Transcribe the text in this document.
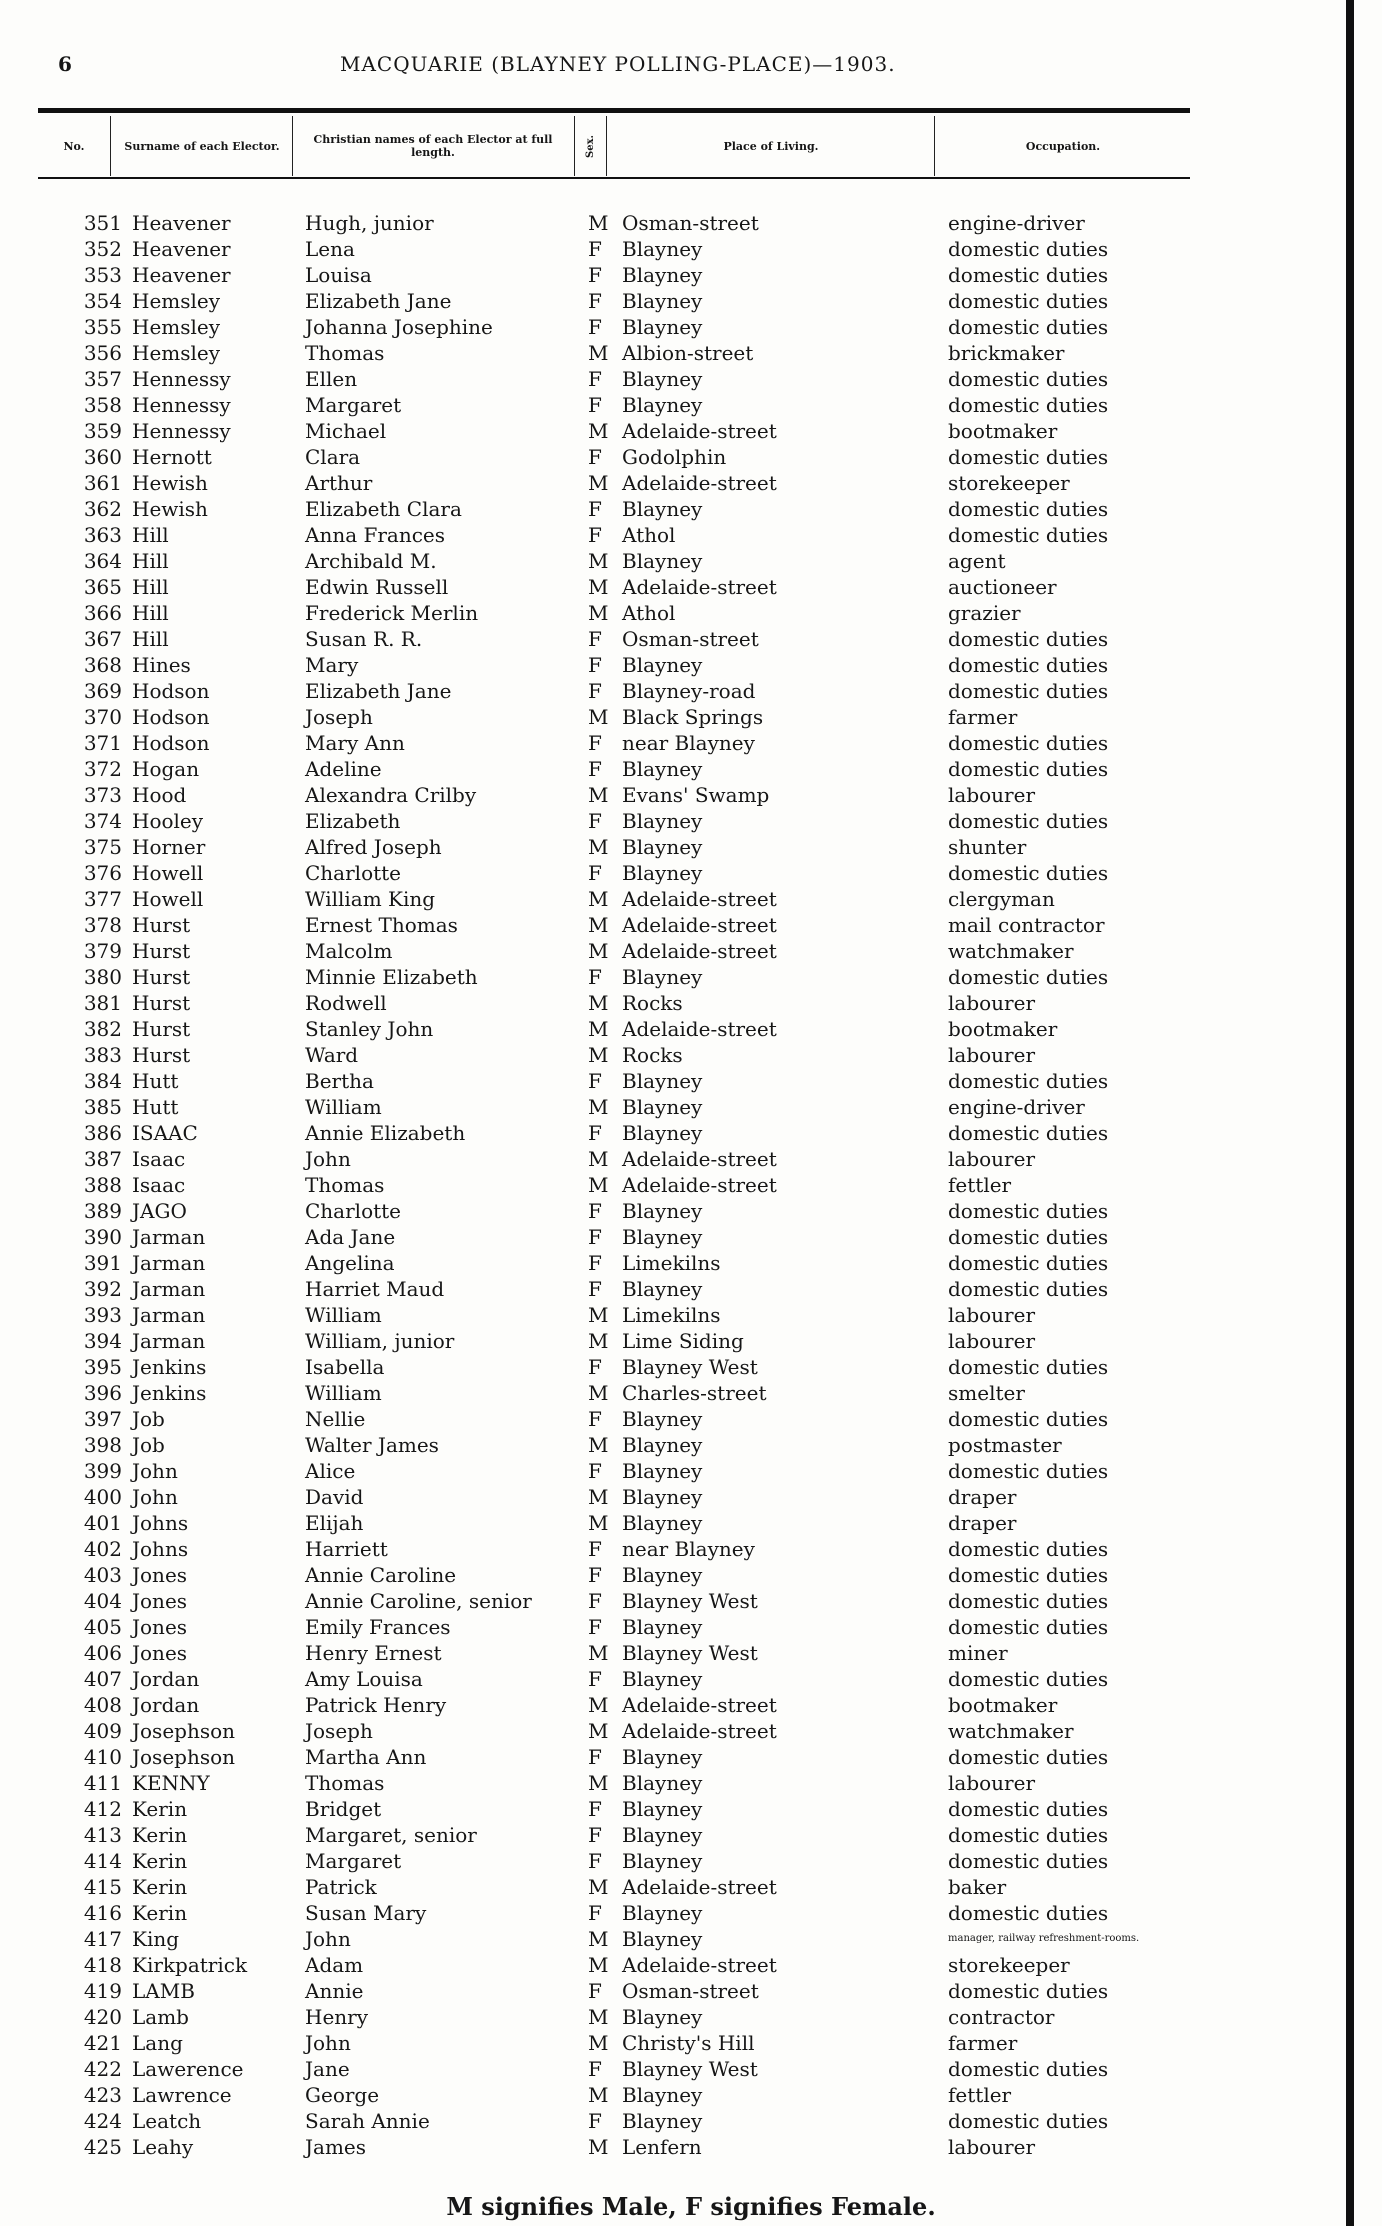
6	MACQUARIE (BLAYNEY POLLING-PLACE)—1903.
No.	Surname of each Elector.	Christian names of each Elector at full length.	Sex.	Place of Living.	Occupation.
351 Heavener	Hugh, junior	M Osman-street	engine-driver
352 Heavener	Lena	F Blayney	domestic duties
353 Heavener	Louisa	F Blayney	domestic duties
354 Hemsley	Elizabeth Jane	F Blayney	domestic duties
355 Hemsley	Johanna Josephine	F Blayney	domestic duties
356 Hemsley	Thomas	M Albion-street	brickmaker
357 Hennessy	Ellen	F Blayney	domestic duties
358 Hennessy	Margaret	F Blayney	domestic duties
359 Hennessy	Michael	M Adelaide-street	bootmaker
360 Hernott	Clara	F Godolphin	domestic duties
361 Hewish	Arthur	M Adelaide-street	storekeeper
362 Hewish	Elizabeth Clara	F Blayney	domestic duties
363 Hill	Anna Frances	F Athol	domestic duties
364 Hill	Archibald M.	M Blayney	agent
365 Hill	Edwin Russell	M Adelaide-street	auctioneer
366 Hill	Frederick Merlin	M Athol	grazier
367 Hill	Susan R. R.	F Osman-street	domestic duties
368 Hines	Mary	F Blayney	domestic duties
369 Hodson	Elizabeth Jane	F Blayney-road	domestic duties
370 Hodson	Joseph	M Black Springs	farmer
371 Hodson	Mary Ann	F near Blayney	domestic duties
372 Hogan	Adeline	F Blayney	domestic duties
373 Hood	Alexandra Crilby	M Evans' Swamp	labourer
374 Hooley	Elizabeth	F Blayney	domestic duties
375 Horner	Alfred Joseph	M Blayney	shunter
376 Howell	Charlotte	F Blayney	domestic duties
377 Howell	William King	M Adelaide-street	clergyman
378 Hurst	Ernest Thomas	M Adelaide-street	mail contractor
379 Hurst	Malcolm	M Adelaide-street	watchmaker
380 Hurst	Minnie Elizabeth	F Blayney	domestic duties
381 Hurst	Rodwell	M Rocks	labourer
382 Hurst	Stanley John	M Adelaide-street	bootmaker
383 Hurst	Ward	M Rocks	labourer
384 Hutt	Bertha	F Blayney	domestic duties
385 Hutt	William	M Blayney	engine-driver
386 ISAAC	Annie Elizabeth	F Blayney	domestic duties
387 Isaac	John	M Adelaide-street	labourer
388 Isaac	Thomas	M Adelaide-street	fettler
389 JAGO	Charlotte	F Blayney	domestic duties
390 Jarman	Ada Jane	F Blayney	domestic duties
391 Jarman	Angelina	F Limekilns	domestic duties
392 Jarman	Harriet Maud	F Blayney	domestic duties
393 Jarman	William	M Limekilns	labourer
394 Jarman	William, junior	M Lime Siding	labourer
395 Jenkins	Isabella	F Blayney West	domestic duties
396 Jenkins	William	M Charles-street	smelter
397 Job	Nellie	F Blayney	domestic duties
398 Job	Walter James	M Blayney	postmaster
399 John	Alice	F Blayney	domestic duties
400 John	David	M Blayney	draper
401 Johns	Elijah	M Blayney	draper
402 Johns	Harriett	F near Blayney	domestic duties
403 Jones	Annie Caroline	F Blayney	domestic duties
404 Jones	Annie Caroline, senior	F Blayney West	domestic duties
405 Jones	Emily Frances	F Blayney	domestic duties
406 Jones	Henry Ernest	M Blayney West	miner
407 Jordan	Amy Louisa	F Blayney	domestic duties
408 Jordan	Patrick Henry	M Adelaide-street	bootmaker
409 Josephson	Joseph	M Adelaide-street	watchmaker
410 Josephson	Martha Ann	F Blayney	domestic duties
411 KENNY	Thomas	M Blayney	labourer
412 Kerin	Bridget	F Blayney	domestic duties
413 Kerin	Margaret, senior	F Blayney	domestic duties
414 Kerin	Margaret	F Blayney	domestic duties
415 Kerin	Patrick	M Adelaide-street	baker
416 Kerin	Susan Mary	F Blayney	domestic duties
417 King	John	M Blayney	manager, railway refreshment-rooms.
418 Kirkpatrick	Adam	M Adelaide-street	storekeeper
419 LAMB	Annie	F Osman-street	domestic duties
420 Lamb	Henry	M Blayney	contractor
421 Lang	John	M Christy's Hill	farmer
422 Lawerence	Jane	F Blayney West	domestic duties
423 Lawrence	George	M Blayney	fettler
424 Leatch	Sarah Annie	F Blayney	domestic duties
425 Leahy	James	M Lenfern	labourer
M signifies Male, F signifies Female.
